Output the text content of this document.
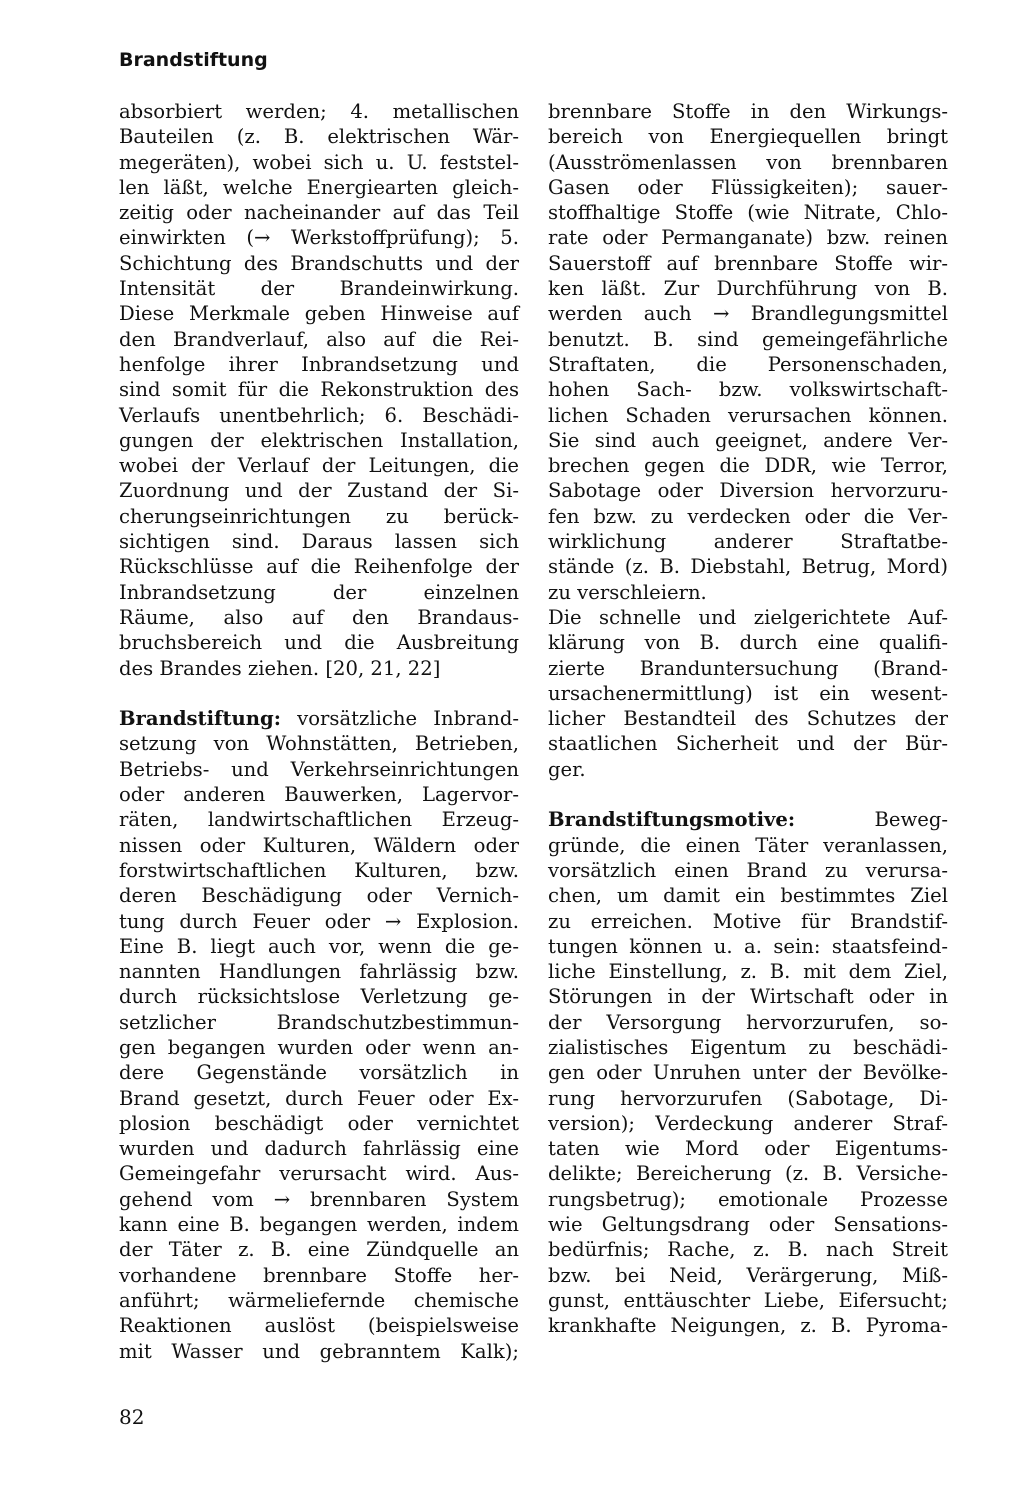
Brandstiftung
absorbiert werden; 4. metallischen
Bauteilen (z. B. elektrischen Wär-
megeräten), wobei sich u. U. feststel-
len läßt, welche Energiearten gleich-
zeitig oder nacheinander auf das Teil
einwirkten (→ Werkstoffprüfung); 5.
Schichtung des Brandschutts und der
Intensität der Brandeinwirkung.
Diese Merkmale geben Hinweise auf
den Brandverlauf, also auf die Rei-
henfolge ihrer Inbrandsetzung und
sind somit für die Rekonstruktion des
Verlaufs unentbehrlich; 6. Beschädi-
gungen der elektrischen Installation,
wobei der Verlauf der Leitungen, die
Zuordnung und der Zustand der Si-
cherungseinrichtungen zu berück-
sichtigen sind. Daraus lassen sich
Rückschlüsse auf die Reihenfolge der
Inbrandsetzung der einzelnen
Räume, also auf den Brandaus-
bruchsbereich und die Ausbreitung
des Brandes ziehen. [20, 21, 22]
Brandstiftung: vorsätzliche Inbrand-
setzung von Wohnstätten, Betrieben,
Betriebs- und Verkehrseinrichtungen
oder anderen Bauwerken, Lagervor-
räten, landwirtschaftlichen Erzeug-
nissen oder Kulturen, Wäldern oder
forstwirtschaftlichen Kulturen, bzw.
deren Beschädigung oder Vernich-
tung durch Feuer oder → Explosion.
Eine B. liegt auch vor, wenn die ge-
nannten Handlungen fahrlässig bzw.
durch rücksichtslose Verletzung ge-
setzlicher Brandschutzbestimmun-
gen begangen wurden oder wenn an-
dere Gegenstände vorsätzlich in
Brand gesetzt, durch Feuer oder Ex-
plosion beschädigt oder vernichtet
wurden und dadurch fahrlässig eine
Gemeingefahr verursacht wird. Aus-
gehend vom → brennbaren System
kann eine B. begangen werden, indem
der Täter z. B. eine Zündquelle an
vorhandene brennbare Stoffe her-
anführt; wärmeliefernde chemische
Reaktionen auslöst (beispielsweise
mit Wasser und gebranntem Kalk);
brennbare Stoffe in den Wirkungs-
bereich von Energiequellen bringt
(Ausströmenlassen von brennbaren
Gasen oder Flüssigkeiten); sauer-
stoffhaltige Stoffe (wie Nitrate, Chlo-
rate oder Permanganate) bzw. reinen
Sauerstoff auf brennbare Stoffe wir-
ken läßt. Zur Durchführung von B.
werden auch → Brandlegungsmittel
benutzt. B. sind gemeingefährliche
Straftaten, die Personenschaden,
hohen Sach- bzw. volkswirtschaft-
lichen Schaden verursachen können.
Sie sind auch geeignet, andere Ver-
brechen gegen die DDR, wie Terror,
Sabotage oder Diversion hervorzuru-
fen bzw. zu verdecken oder die Ver-
wirklichung anderer Straftatbe-
stände (z. B. Diebstahl, Betrug, Mord)
zu verschleiern.
Die schnelle und zielgerichtete Auf-
klärung von B. durch eine qualifi-
zierte Branduntersuchung (Brand-
ursachenermittlung) ist ein wesent-
licher Bestandteil des Schutzes der
staatlichen Sicherheit und der Bür-
ger.
Brandstiftungsmotive: Beweg-
gründe, die einen Täter veranlassen,
vorsätzlich einen Brand zu verursa-
chen, um damit ein bestimmtes Ziel
zu erreichen. Motive für Brandstif-
tungen können u. a. sein: staatsfeind-
liche Einstellung, z. B. mit dem Ziel,
Störungen in der Wirtschaft oder in
der Versorgung hervorzurufen, so-
zialistisches Eigentum zu beschädi-
gen oder Unruhen unter der Bevölke-
rung hervorzurufen (Sabotage, Di-
version); Verdeckung anderer Straf-
taten wie Mord oder Eigentums-
delikte; Bereicherung (z. B. Versiche-
rungsbetrug); emotionale Prozesse
wie Geltungsdrang oder Sensations-
bedürfnis; Rache, z. B. nach Streit
bzw. bei Neid, Verärgerung, Miß-
gunst, enttäuschter Liebe, Eifersucht;
krankhafte Neigungen, z. B. Pyroma-
82
